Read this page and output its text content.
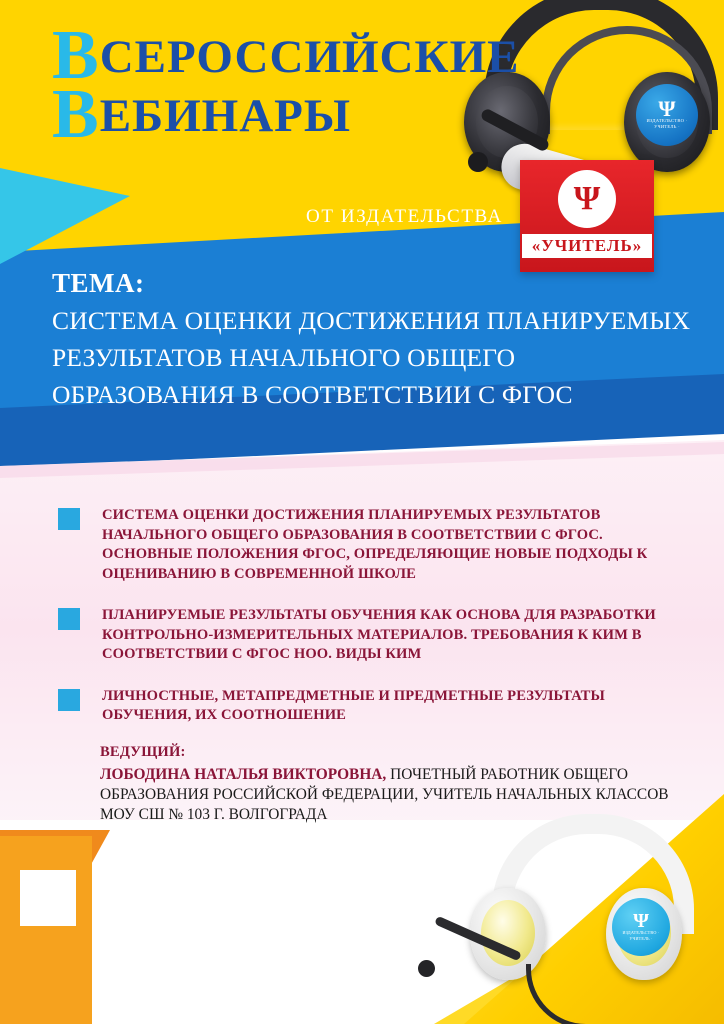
Ψ
ИЗДАТЕЛЬСТВО · УЧИТЕЛЬ ·
ВСЕРОССИЙСКИЕ
ВЕБИНАРЫ
ОТ ИЗДАТЕЛЬСТВА Ψ
«УЧИТЕЛЬ»
ТЕМА:
СИСТЕМА ОЦЕНКИ ДОСТИЖЕНИЯ ПЛАНИРУЕМЫХ РЕЗУЛЬТАТОВ НАЧАЛЬНОГО ОБЩЕГО ОБРАЗОВАНИЯ В СООТВЕТСТВИИ С ФГОС
СИСТЕМА ОЦЕНКИ ДОСТИЖЕНИЯ ПЛАНИРУЕМЫХ РЕЗУЛЬТАТОВ НАЧАЛЬНОГО ОБЩЕГО ОБРАЗОВАНИЯ В СООТВЕТСТВИИ С ФГОС. ОСНОВНЫЕ ПОЛОЖЕНИЯ ФГОС, ОПРЕДЕЛЯЮЩИЕ НОВЫЕ ПОДХОДЫ К ОЦЕНИВАНИЮ В СОВРЕМЕННОЙ ШКОЛЕ
ПЛАНИРУЕМЫЕ РЕЗУЛЬТАТЫ ОБУЧЕНИЯ КАК ОСНОВА ДЛЯ РАЗРАБОТКИ КОНТРОЛЬНО-ИЗМЕРИТЕЛЬНЫХ МАТЕРИАЛОВ. ТРЕБОВАНИЯ К КИМ В СООТВЕТСТВИИ С ФГОС НОО. ВИДЫ КИМ
ЛИЧНОСТНЫЕ, МЕТАПРЕДМЕТНЫЕ И ПРЕДМЕТНЫЕ РЕЗУЛЬТАТЫ ОБУЧЕНИЯ, ИХ СООТНОШЕНИЕ
ВЕДУЩИЙ:
ЛОБОДИНА НАТАЛЬЯ ВИКТОРОВНА, ПОЧЕТНЫЙ РАБОТНИК ОБЩЕГО ОБРАЗОВАНИЯ РОССИЙСКОЙ ФЕДЕРАЦИИ, УЧИТЕЛЬ НАЧАЛЬНЫХ КЛАССОВ МОУ СШ № 103 Г. ВОЛГОГРАДА
Ψ
ИЗДАТЕЛЬСТВО · УЧИТЕЛЬ ·
